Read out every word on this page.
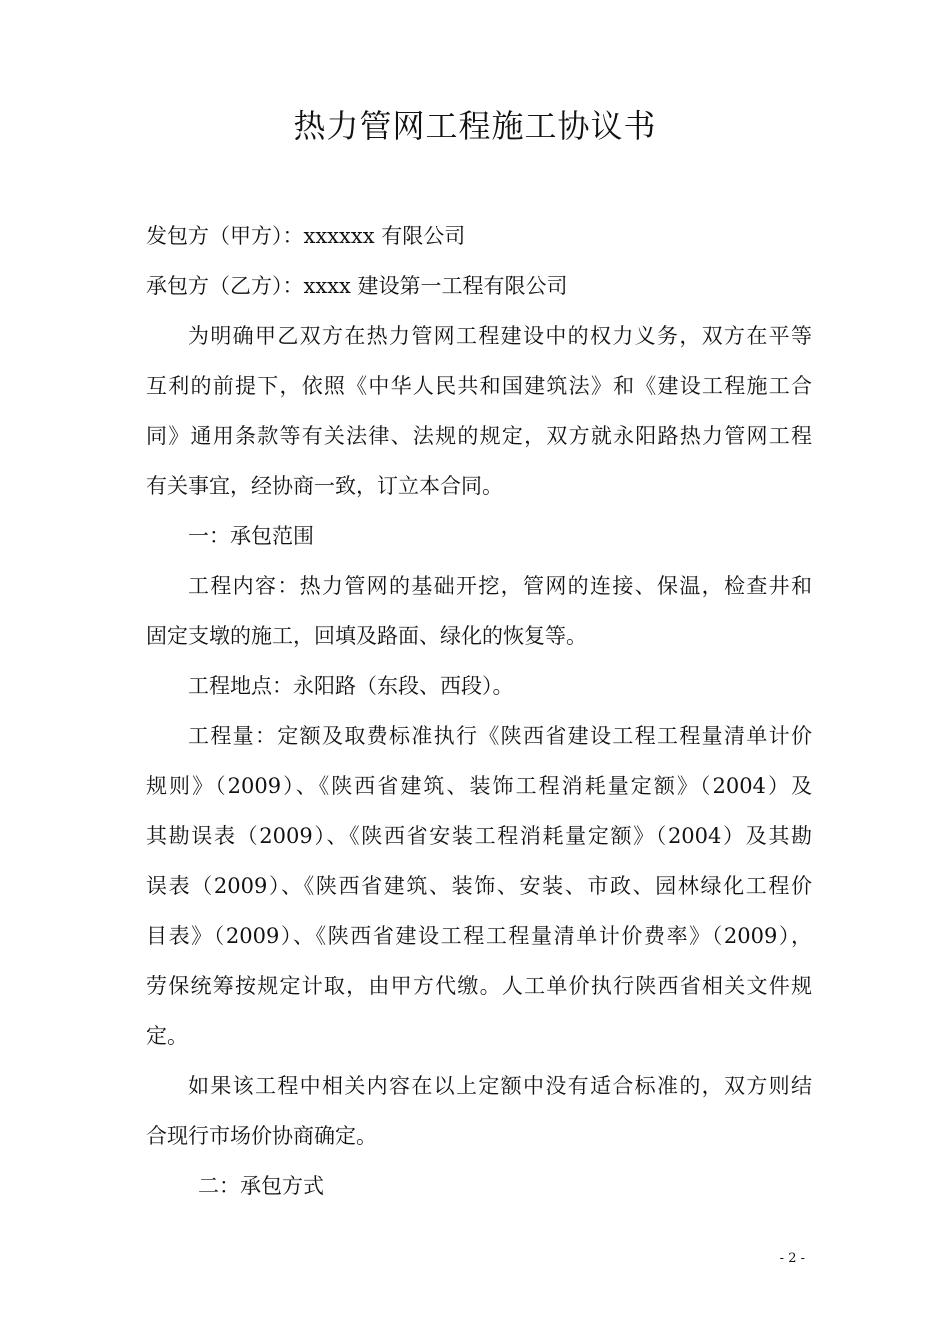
热力管网工程施工协议书

发包方（甲方）：xxxxxx 有限公司

承包方（乙方）：xxxx 建设第一工程有限公司

为明确甲乙双方在热力管网工程建设中的权力义务，双方在平等

互利的前提下，依照《中华人民共和国建筑法》和《建设工程施工合

同》通用条款等有关法律、法规的规定，双方就永阳路热力管网工程

有关事宜，经协商一致，订立本合同。

一：承包范围

工程内容：热力管网的基础开挖，管网的连接、保温，检查井和

固定支墩的施工，回填及路面、绿化的恢复等。

工程地点：永阳路（东段、西段）。

工程量：定额及取费标准执行《陕西省建设工程工程量清单计价

规则》（2009）、《陕西省建筑、装饰工程消耗量定额》（2004）及

其勘误表（2009）、《陕西省安装工程消耗量定额》（2004）及其勘

误表（2009）、《陕西省建筑、装饰、安装、市政、园林绿化工程价

目表》（2009）、《陕西省建设工程工程量清单计价费率》（2009），

劳保统筹按规定计取，由甲方代缴。人工单价执行陕西省相关文件规

定。

如果该工程中相关内容在以上定额中没有适合标准的，双方则结

合现行市场价协商确定。

二：承包方式

- 2 -
